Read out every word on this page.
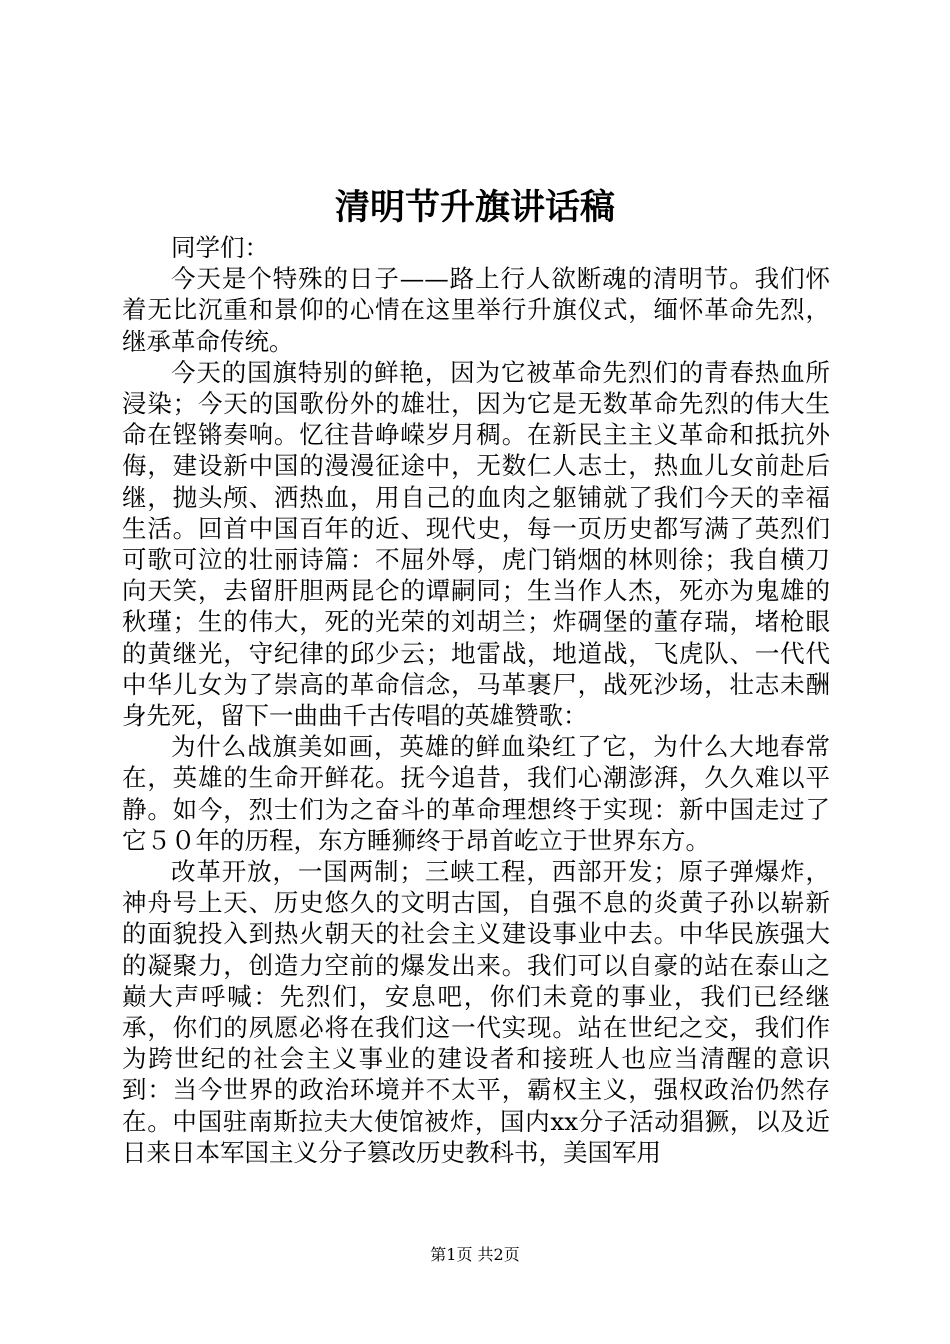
清明节升旗讲话稿

同学们：

今天是个特殊的日子——路上行人欲断魂的清明节。我们怀着无比沉重和景仰的心情在这里举行升旗仪式，缅怀革命先烈，继承革命传统。

今天的国旗特别的鲜艳，因为它被革命先烈们的青春热血所浸染；今天的国歌份外的雄壮，因为它是无数革命先烈的伟大生命在铿锵奏响。忆往昔峥嵘岁月稠。在新民主主义革命和抵抗外侮，建设新中国的漫漫征途中，无数仁人志士，热血儿女前赴后继，抛头颅、洒热血，用自己的血肉之躯铺就了我们今天的幸福生活。回首中国百年的近、现代史，每一页历史都写满了英烈们可歌可泣的壮丽诗篇：不屈外辱，虎门销烟的林则徐；我自横刀向天笑，去留肝胆两昆仑的谭嗣同；生当作人杰，死亦为鬼雄的秋瑾；生的伟大，死的光荣的刘胡兰；炸碉堡的董存瑞，堵枪眼的黄继光，守纪律的邱少云；地雷战，地道战，飞虎队、一代代中华儿女为了崇高的革命信念，马革裹尸，战死沙场，壮志未酬身先死，留下一曲曲千古传唱的英雄赞歌：

为什么战旗美如画，英雄的鲜血染红了它，为什么大地春常在，英雄的生命开鲜花。抚今追昔，我们心潮澎湃，久久难以平静。如今，烈士们为之奋斗的革命理想终于实现：新中国走过了它５０年的历程，东方睡狮终于昂首屹立于世界东方。

改革开放，一国两制；三峡工程，西部开发；原子弹爆炸，神舟号上天、历史悠久的文明古国，自强不息的炎黄子孙以崭新的面貌投入到热火朝天的社会主义建设事业中去。中华民族强大的凝聚力，创造力空前的爆发出来。我们可以自豪的站在泰山之巅大声呼喊：先烈们，安息吧，你们未竟的事业，我们已经继承，你们的夙愿必将在我们这一代实现。站在世纪之交，我们作为跨世纪的社会主义事业的建设者和接班人也应当清醒的意识到：当今世界的政治环境并不太平，霸权主义，强权政治仍然存在。中国驻南斯拉夫大使馆被炸，国内xx分子活动猖獗，以及近日来日本军国主义分子篡改历史教科书，美国军用

第1页 共2页
